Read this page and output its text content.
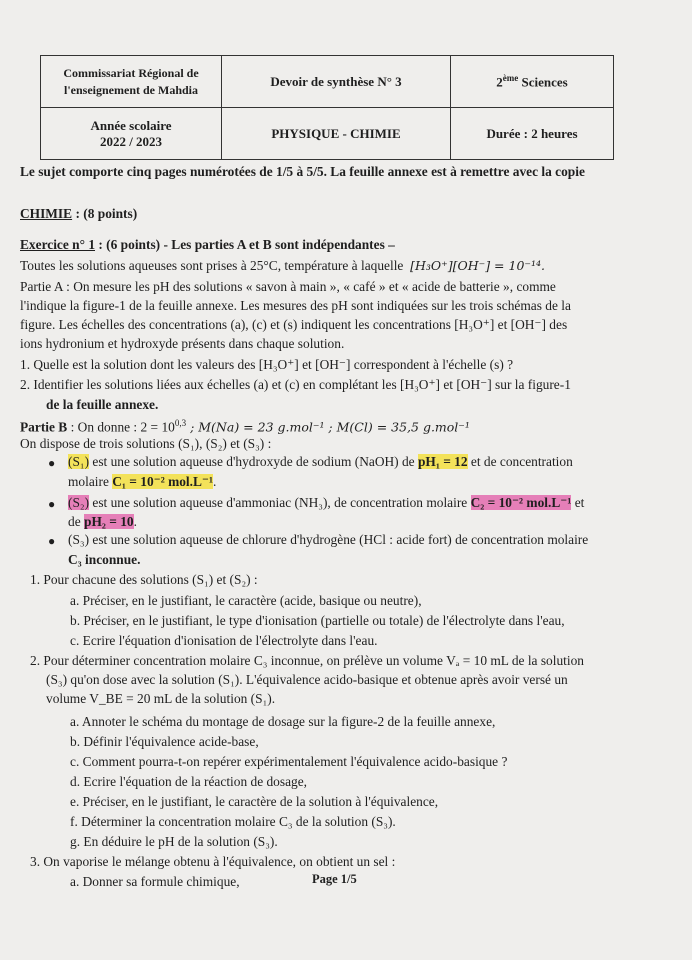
Commissariat Régional de l'enseignement de Mahdia	Devoir de synthèse N° 3	2ème Sciences

Année scolaire
2022 / 2023	PHYSIQUE - CHIMIE	Durée : 2 heures
Le sujet comporte cinq pages numérotées de 1/5 à 5/5. La feuille annexe est à remettre avec la copie
CHIMIE : (8 points)
Exercice n° 1 : (6 points) - Les parties A et B sont indépendantes –
Toutes les solutions aqueuses sont prises à 25°C, température à laquelle [H₃O⁺][OH⁻] = 10⁻¹⁴.
Partie A : On mesure les pH des solutions « savon à main », « café » et « acide de batterie », comme
l'indique la figure-1 de la feuille annexe. Les mesures des pH sont indiquées sur les trois schémas de la
figure. Les échelles des concentrations (a), (c) et (s) indiquent les concentrations [H₃O⁺] et [OH⁻] des
ions hydronium et hydroxyde présents dans chaque solution.
1. Quelle est la solution dont les valeurs des [H₃O⁺] et [OH⁻] correspondent à l'échelle (s) ?
2. Identifier les solutions liées aux échelles (a) et (c) en complétant les [H₃O⁺] et [OH⁻] sur la figure-1
de la feuille annexe.
Partie B : On donne : $2 = 10^{0,3}$ ; M(Na) = 23 g.mol⁻¹ ; M(Cl) = 35,5 g.mol⁻¹
On dispose de trois solutions (S₁), (S₂) et (S₃) :
● (S₁) est une solution aqueuse d'hydroxyde de sodium (NaOH) de pH₁ = 12 et de concentration
molaire C₁ = 10⁻² mol.L⁻¹.
● (S₂) est une solution aqueuse d'ammoniac (NH₃), de concentration molaire C₂ = 10⁻² mol.L⁻¹ et
de pH₂ = 10.
● (S₃) est une solution aqueuse de chlorure d'hydrogène (HCl : acide fort) de concentration molaire
C₃ inconnue.
1. Pour chacune des solutions (S₁) et (S₂) :
a. Préciser, en le justifiant, le caractère (acide, basique ou neutre),
b. Préciser, en le justifiant, le type d'ionisation (partielle ou totale) de l'électrolyte dans l'eau,
c. Ecrire l'équation d'ionisation de l'électrolyte dans l'eau.
2. Pour déterminer concentration molaire C₃ inconnue, on prélève un volume Vₐ = 10 mL de la solution
(S₃) qu'on dose avec la solution (S₁). L'équivalence acido-basique et obtenue après avoir versé un
volume V_BE = 20 mL de la solution (S₁).
a. Annoter le schéma du montage de dosage sur la figure-2 de la feuille annexe,
b. Définir l'équivalence acide-base,
c. Comment pourra-t-on repérer expérimentalement l'équivalence acido-basique ?
d. Ecrire l'équation de la réaction de dosage,
e. Préciser, en le justifiant, le caractère de la solution à l'équivalence,
f. Déterminer la concentration molaire C₃ de la solution (S₃).
g. En déduire le pH de la solution (S₃).
3. On vaporise le mélange obtenu à l'équivalence, on obtient un sel :
a. Donner sa formule chimique,	Page 1/5
